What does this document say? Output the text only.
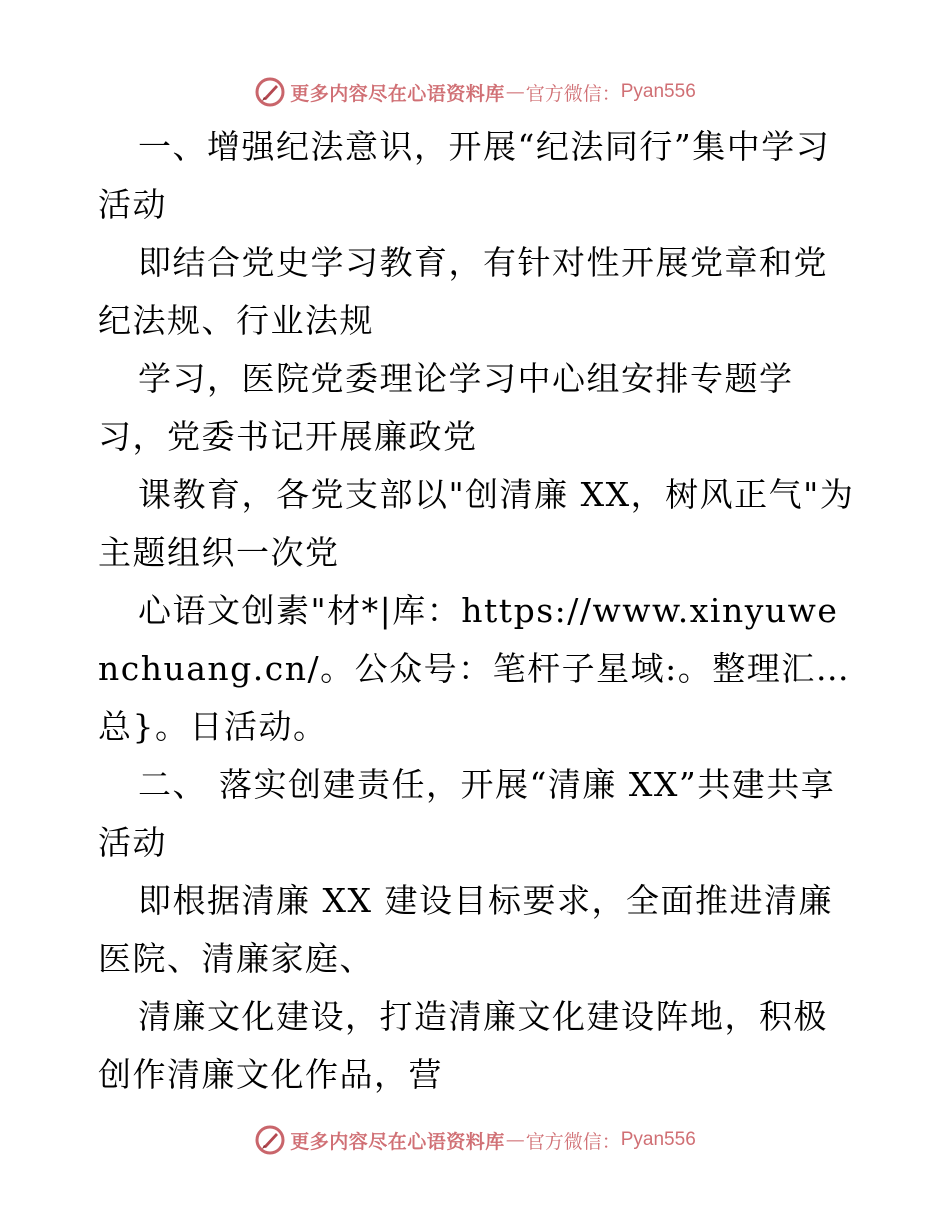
更多内容尽在心语资料库 — 官方微信： Pyan556

一、增强纪法意识，开展“纪法同行”集中学习活动

即结合党史学习教育，有针对性开展党章和党纪法规、行业法规

学习，医院党委理论学习中心组安排专题学习，党委书记开展廉政党

课教育，各党支部以"创清廉 XX，树风正气"为主题组织一次党

心语文创素"材*|库：https://www.xinyuwenchuang.cn/。公众号：笔杆子星域:。整理汇…总}。日活动。

二、 落实创建责任，开展“清廉 XX”共建共享活动

即根据清廉 XX 建设目标要求，全面推进清廉医院、清廉家庭、

清廉文化建设，打造清廉文化建设阵地，积极创作清廉文化作品，营

更多内容尽在心语资料库 — 官方微信： Pyan556
